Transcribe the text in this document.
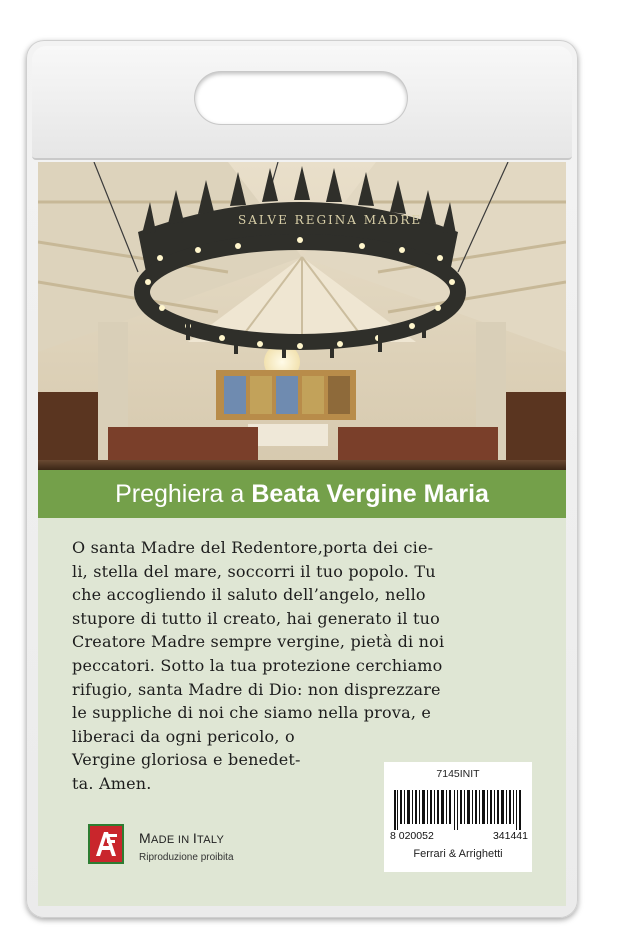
SALVE REGINA MADRE
Preghiera a Beata Vergine Maria
O santa Madre del Redentore,porta dei cie-
li, stella del mare, soccorri il tuo popolo. Tu
che accogliendo il saluto dell’angelo, nello
stupore di tutto il creato, hai generato il tuo
Creatore Madre sempre vergine, pietà di noi
peccatori. Sotto la tua protezione cerchiamo
rifugio, santa Madre di Dio: non disprezzare
le suppliche di noi che siamo nella prova, e
liberaci da ogni pericolo, o
Vergine gloriosa e benedet-
ta. Amen.	7145INIT
8 020052	341441
Ferrari & Arrighetti
MADE IN ITALY
Riproduzione proibita
